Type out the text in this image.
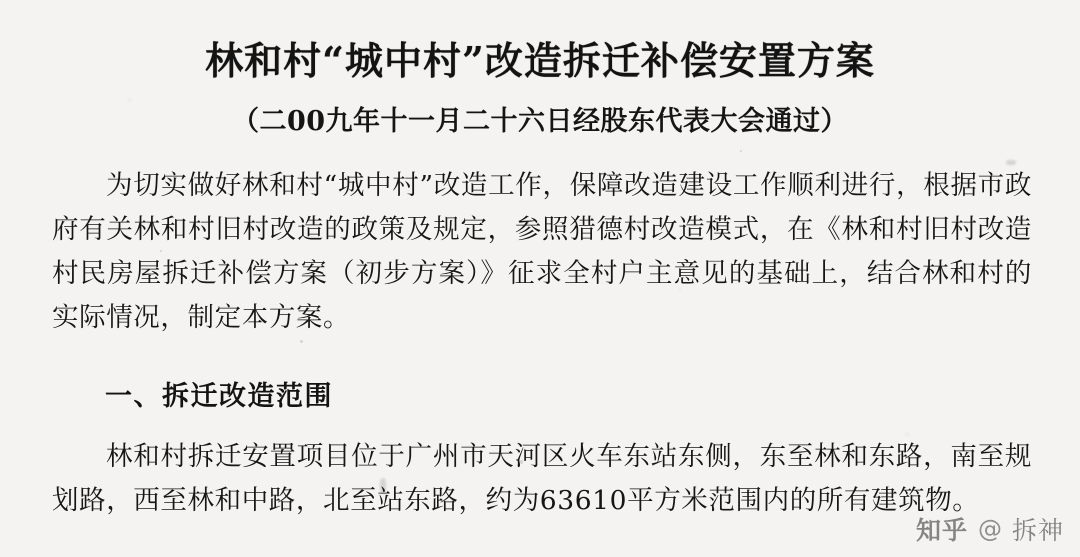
林和村“城中村”改造拆迁补偿安置方案
（二00九年十一月二十六日经股东代表大会通过）

为切实做好林和村“城中村”改造工作，保障改造建设工作顺利进行，根据市政府有关林和村旧村改造的政策及规定，参照猎德村改造模式，在《林和村旧村改造村民房屋拆迁补偿方案（初步方案）》征求全村户主意见的基础上，结合林和村的实际情况，制定本方案。

一、拆迁改造范围

林和村拆迁安置项目位于广州市天河区火车东站东侧，东至林和东路，南至规划路，西至林和中路，北至站东路，约为63610平方米范围内的所有建筑物。

知乎 @ 拆神
